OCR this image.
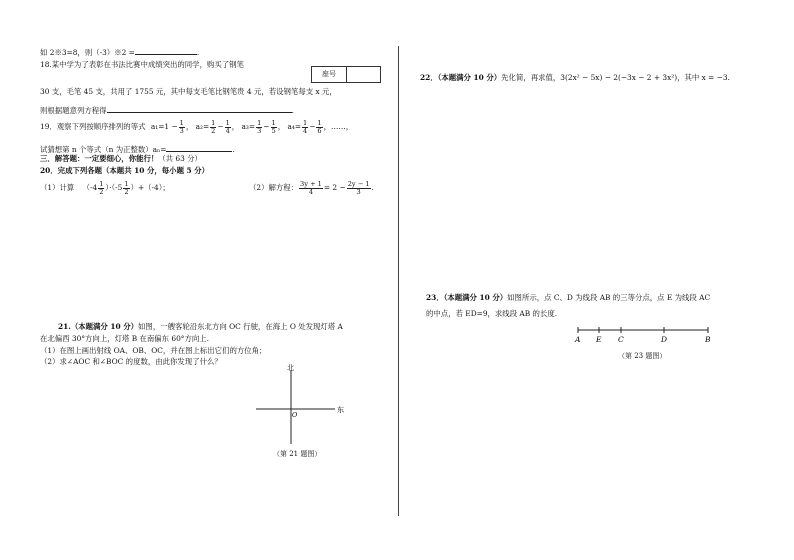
如 2※3=8，则（-3）※2 =	.
18.某中学为了表彰在书法比赛中成绩突出的同学，购买了钢笔
座号
30 支，毛笔 45 支，共用了 1755 元，其中每支毛笔比钢笔贵 4 元，若设钢笔每支 x 元，
则根据题意列方程得	.
19．观察下列按顺序排列的等式 $a_1=1 - \frac{1}{3}$ ， $a_2= \frac{1}{2} - \frac{1}{4}$ ， $a_3= \frac{1}{3} - \frac{1}{5}$ ， $a_4= \frac{1}{4} - \frac{1}{6}$ ，……，
试猜想第 n 个等式（n 为正整数）aₙ=	.
三．解答题：一定要细心，你能行！（共 63 分）
20．完成下列各题（本题共 10 分，每小题 5 分）
（1）计算 $(-4 \frac{1}{2} )\cdot(-5 \frac{1}{2} )+(-4)$；	（2）解方程： $\frac{3y + 1}{4} = 2 - \frac{2y - 1}{3}$ .
21.（本题满分 10 分）如图，一艘客轮沿东北方向 OC 行驶，在海上 O 处发现灯塔 A
在北偏西 30°方向上，灯塔 B 在南偏东 60°方向上.
（1）在图上画出射线 OA、OB、OC，并在图上标出它们的方位角；
（2）求∠AOC 和∠BOC 的度数，由此你发现了什么？
北
东
O
（第 21 题图）
22．（本题满分 10 分）先化简，再求值，3(2x² − 5x) − 2(−3x − 2 + 3x²)，其中 x = −3.
23．（本题满分 10 分）如图所示，点 C、D 为线段 AB 的三等分点，点 E 为线段 AC
的中点，若 ED=9，求线段 AB 的长度.
A E C	D	B
（第 23 题图）
